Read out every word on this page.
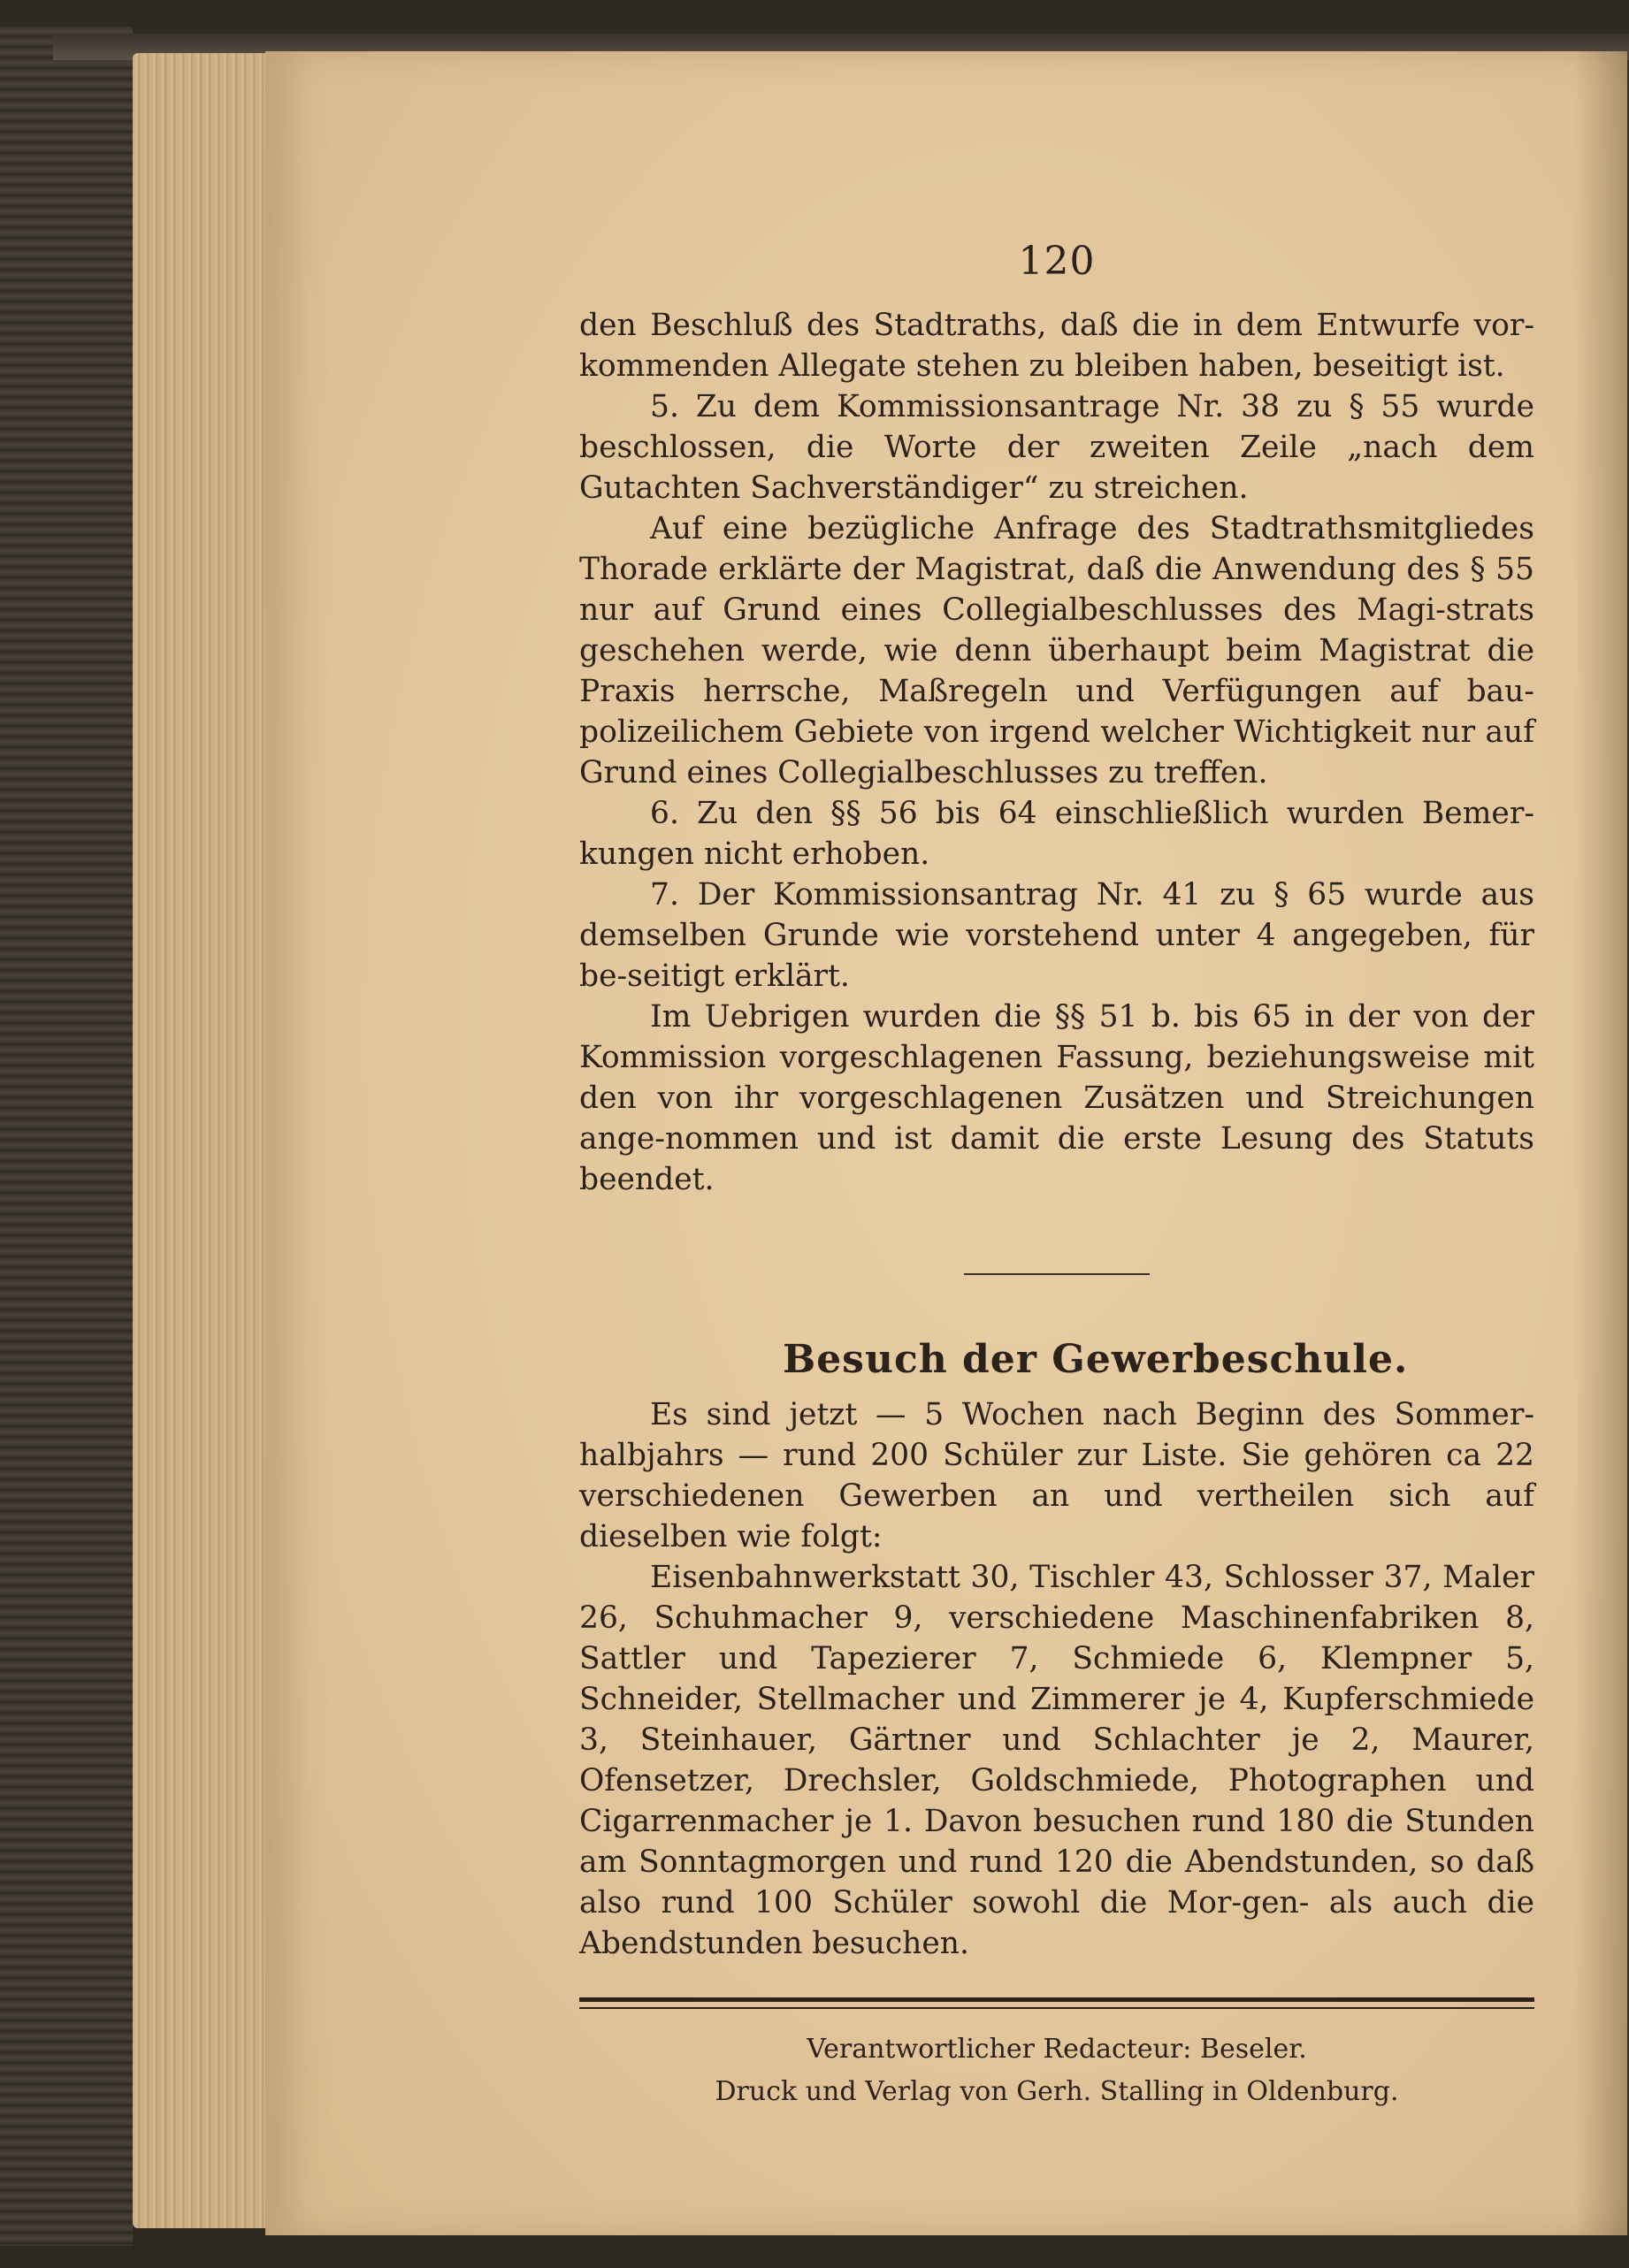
120

den Beschluß des Stadtraths, daß die in dem Entwurfe vor-kommenden Allegate stehen zu bleiben haben, beseitigt ist.

5. Zu dem Kommissionsantrage Nr. 38 zu § 55 wurde beschlossen, die Worte der zweiten Zeile „nach dem Gutachten Sachverständiger“ zu streichen.

Auf eine bezügliche Anfrage des Stadtrathsmitgliedes Thorade erklärte der Magistrat, daß die Anwendung des § 55 nur auf Grund eines Collegialbeschlusses des Magi-strats geschehen werde, wie denn überhaupt beim Magistrat die Praxis herrsche, Maßregeln und Verfügungen auf bau-polizeilichem Gebiete von irgend welcher Wichtigkeit nur auf Grund eines Collegialbeschlusses zu treffen.

6. Zu den §§ 56 bis 64 einschließlich wurden Bemer-kungen nicht erhoben.

7. Der Kommissionsantrag Nr. 41 zu § 65 wurde aus demselben Grunde wie vorstehend unter 4 angegeben, für be-seitigt erklärt.

Im Uebrigen wurden die §§ 51 b. bis 65 in der von der Kommission vorgeschlagenen Fassung, beziehungsweise mit den von ihr vorgeschlagenen Zusätzen und Streichungen ange-nommen und ist damit die erste Lesung des Statuts beendet.

Besuch der Gewerbeschule.

Es sind jetzt — 5 Wochen nach Beginn des Sommer-halbjahrs — rund 200 Schüler zur Liste. Sie gehören ca 22 verschiedenen Gewerben an und vertheilen sich auf dieselben wie folgt:

Eisenbahnwerkstatt 30, Tischler 43, Schlosser 37, Maler 26, Schuhmacher 9, verschiedene Maschinenfabriken 8, Sattler und Tapezierer 7, Schmiede 6, Klempner 5, Schneider, Stellmacher und Zimmerer je 4, Kupferschmiede 3, Steinhauer, Gärtner und Schlachter je 2, Maurer, Ofensetzer, Drechsler, Goldschmiede, Photographen und Cigarrenmacher je 1. Davon besuchen rund 180 die Stunden am Sonntagmorgen und rund 120 die Abendstunden, so daß also rund 100 Schüler sowohl die Mor-gen- als auch die Abendstunden besuchen.

Verantwortlicher Redacteur: Beseler.
Druck und Verlag von Gerh. Stalling in Oldenburg.
